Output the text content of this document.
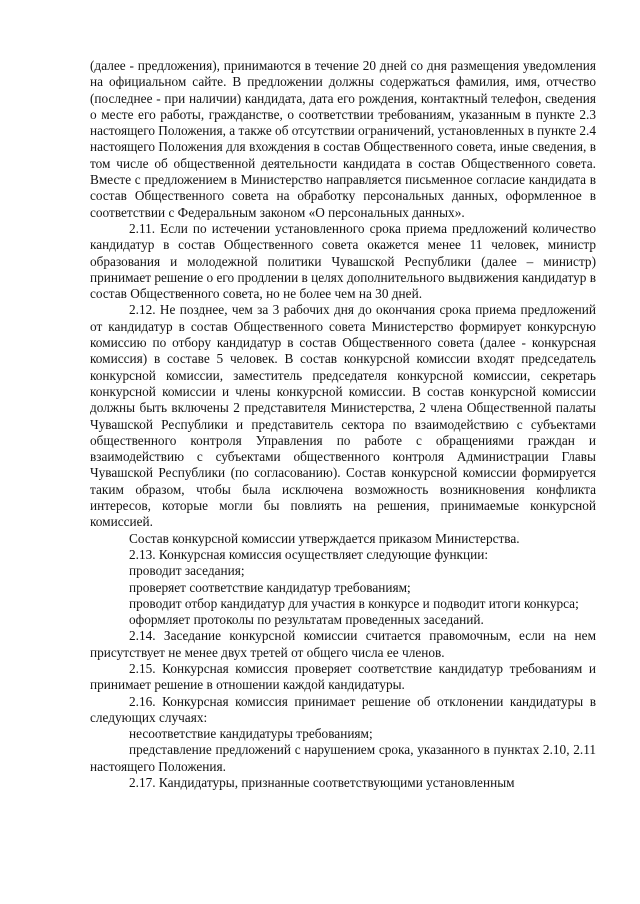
(далее - предложения), принимаются в течение 20 дней со дня размещения уведомления на официальном сайте. В предложении должны содержаться фамилия, имя, отчество (последнее - при наличии) кандидата, дата его рождения, контактный телефон, сведения о месте его работы, гражданстве, о соответствии требованиям, указанным в пункте 2.3 настоящего Положения, а также об отсутствии ограничений, установленных в пункте 2.4 настоящего Положения для вхождения в состав Общественного совета, иные сведения, в том числе об общественной деятельности кандидата в состав Общественного совета. Вместе с предложением в Министерство направляется письменное согласие кандидата в состав Общественного совета на обработку персональных данных, оформленное в соответствии с Федеральным законом «О персональных данных».

2.11. Если по истечении установленного срока приема предложений количество кандидатур в состав Общественного совета окажется менее 11 человек, министр образования и молодежной политики Чувашской Республики (далее – министр) принимает решение о его продлении в целях дополнительного выдвижения кандидатур в состав Общественного совета, но не более чем на 30 дней.

2.12. Не позднее, чем за 3 рабочих дня до окончания срока приема предложений от кандидатур в состав Общественного совета Министерство формирует конкурсную комиссию по отбору кандидатур в состав Общественного совета (далее - конкурсная комиссия) в составе 5 человек. В состав конкурсной комиссии входят председатель конкурсной комиссии, заместитель председателя конкурсной комиссии, секретарь конкурсной комиссии и члены конкурсной комиссии. В состав конкурсной комиссии должны быть включены 2 представителя Министерства, 2 члена Общественной палаты Чувашской Республики и представитель сектора по взаимодействию с субъектами общественного контроля Управления по работе с обращениями граждан и взаимодействию с субъектами общественного контроля Администрации Главы Чувашской Республики (по согласованию). Состав конкурсной комиссии формируется таким образом, чтобы была исключена возможность возникновения конфликта интересов, которые могли бы повлиять на решения, принимаемые конкурсной комиссией.

Состав конкурсной комиссии утверждается приказом Министерства.

2.13. Конкурсная комиссия осуществляет следующие функции:

проводит заседания;

проверяет соответствие кандидатур требованиям;

проводит отбор кандидатур для участия в конкурсе и подводит итоги конкурса;

оформляет протоколы по результатам проведенных заседаний.

2.14. Заседание конкурсной комиссии считается правомочным, если на нем присутствует не менее двух третей от общего числа ее членов.

2.15. Конкурсная комиссия проверяет соответствие кандидатур требованиям и принимает решение в отношении каждой кандидатуры.

2.16. Конкурсная комиссия принимает решение об отклонении кандидатуры в следующих случаях:

несоответствие кандидатуры требованиям;

представление предложений с нарушением срока, указанного в пунктах 2.10, 2.11 настоящего Положения.

2.17. Кандидатуры, признанные соответствующими установленным
